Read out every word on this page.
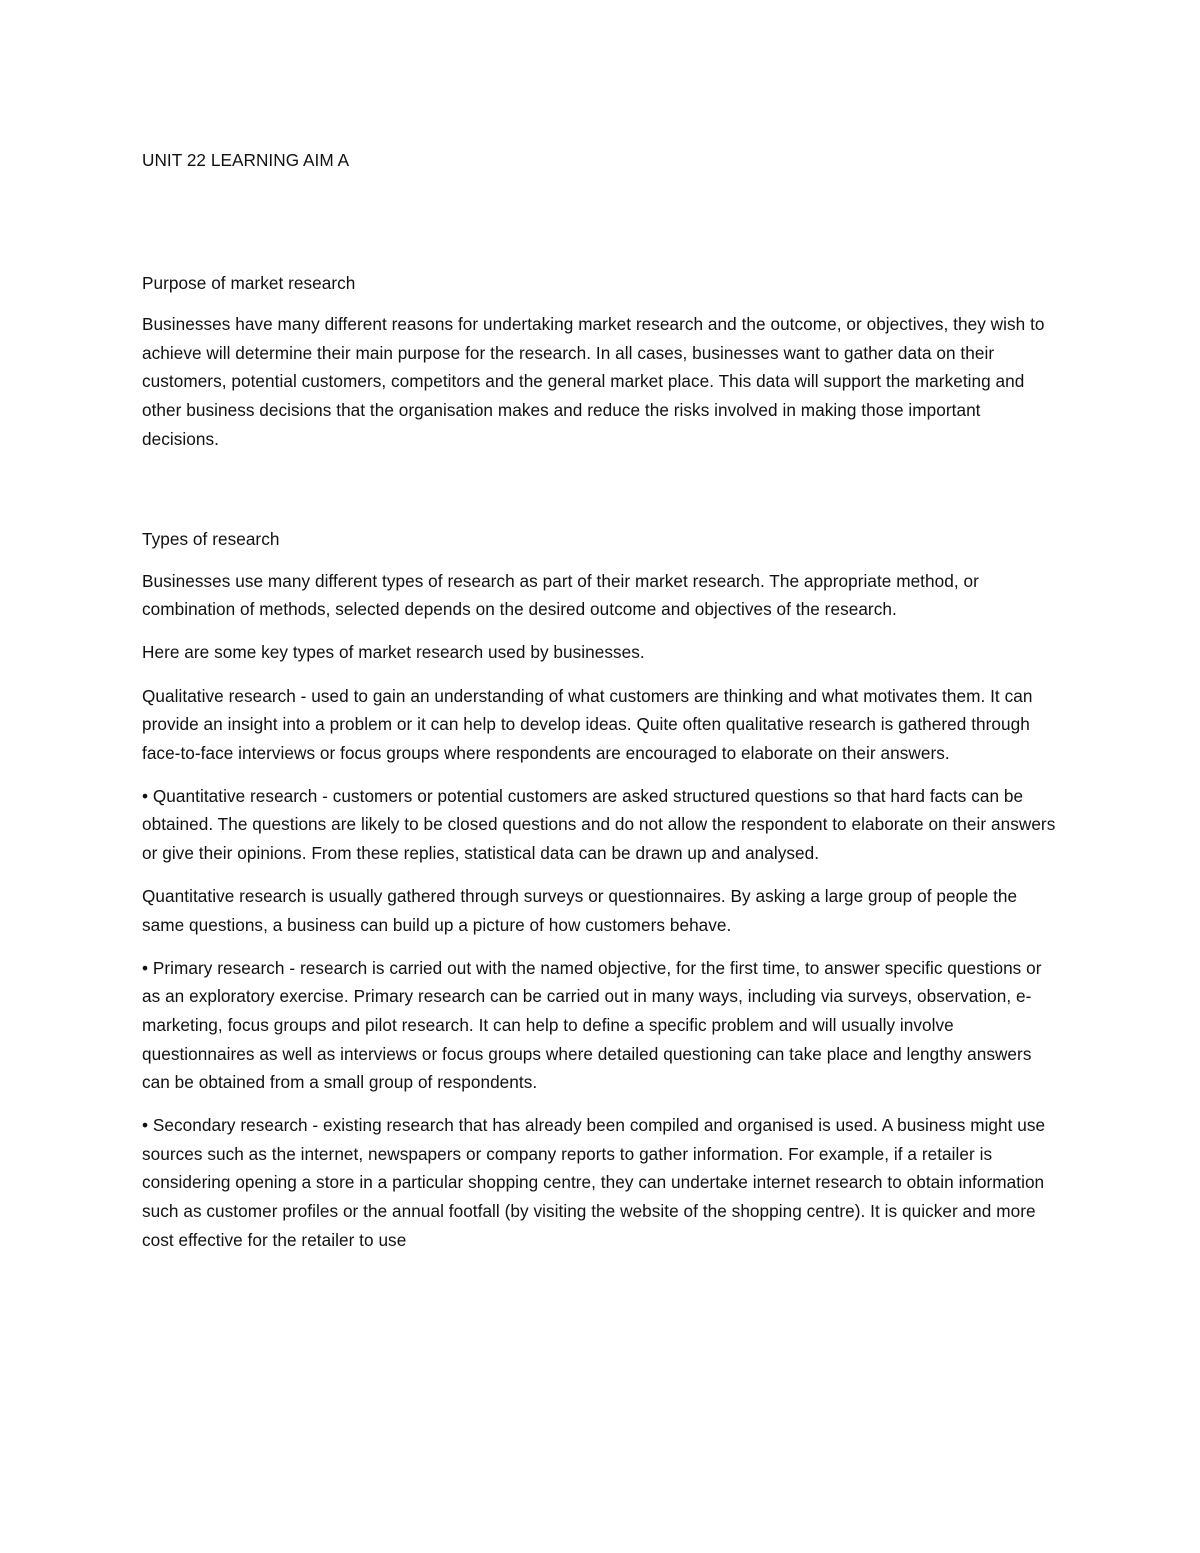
UNIT 22 LEARNING AIM A
Purpose of market research

Businesses have many different reasons for undertaking market research and the outcome, or objectives, they wish to achieve will determine their main purpose for the research. In all cases, businesses want to gather data on their customers, potential customers, competitors and the general market place. This data will support the marketing and other business decisions that the organisation makes and reduce the risks involved in making those important decisions.

Types of research

Businesses use many different types of research as part of their market research. The appropriate method, or combination of methods, selected depends on the desired outcome and objectives of the research.

Here are some key types of market research used by businesses.

Qualitative research - used to gain an understanding of what customers are thinking and what motivates them. It can provide an insight into a problem or it can help to develop ideas. Quite often qualitative research is gathered through face-to-face interviews or focus groups where respondents are encouraged to elaborate on their answers.

• Quantitative research - customers or potential customers are asked structured questions so that hard facts can be obtained. The questions are likely to be closed questions and do not allow the respondent to elaborate on their answers or give their opinions. From these replies, statistical data can be drawn up and analysed.

Quantitative research is usually gathered through surveys or questionnaires. By asking a large group of people the same questions, a business can build up a picture of how customers behave.

• Primary research - research is carried out with the named objective, for the first time, to answer specific questions or as an exploratory exercise. Primary research can be carried out in many ways, including via surveys, observation, e-marketing, focus groups and pilot research. It can help to define a specific problem and will usually involve questionnaires as well as interviews or focus groups where detailed questioning can take place and lengthy answers can be obtained from a small group of respondents.

• Secondary research - existing research that has already been compiled and organised is used. A business might use sources such as the internet, newspapers or company reports to gather information. For example, if a retailer is considering opening a store in a particular shopping centre, they can undertake internet research to obtain information such as customer profiles or the annual footfall (by visiting the website of the shopping centre). It is quicker and more cost effective for the retailer to use
